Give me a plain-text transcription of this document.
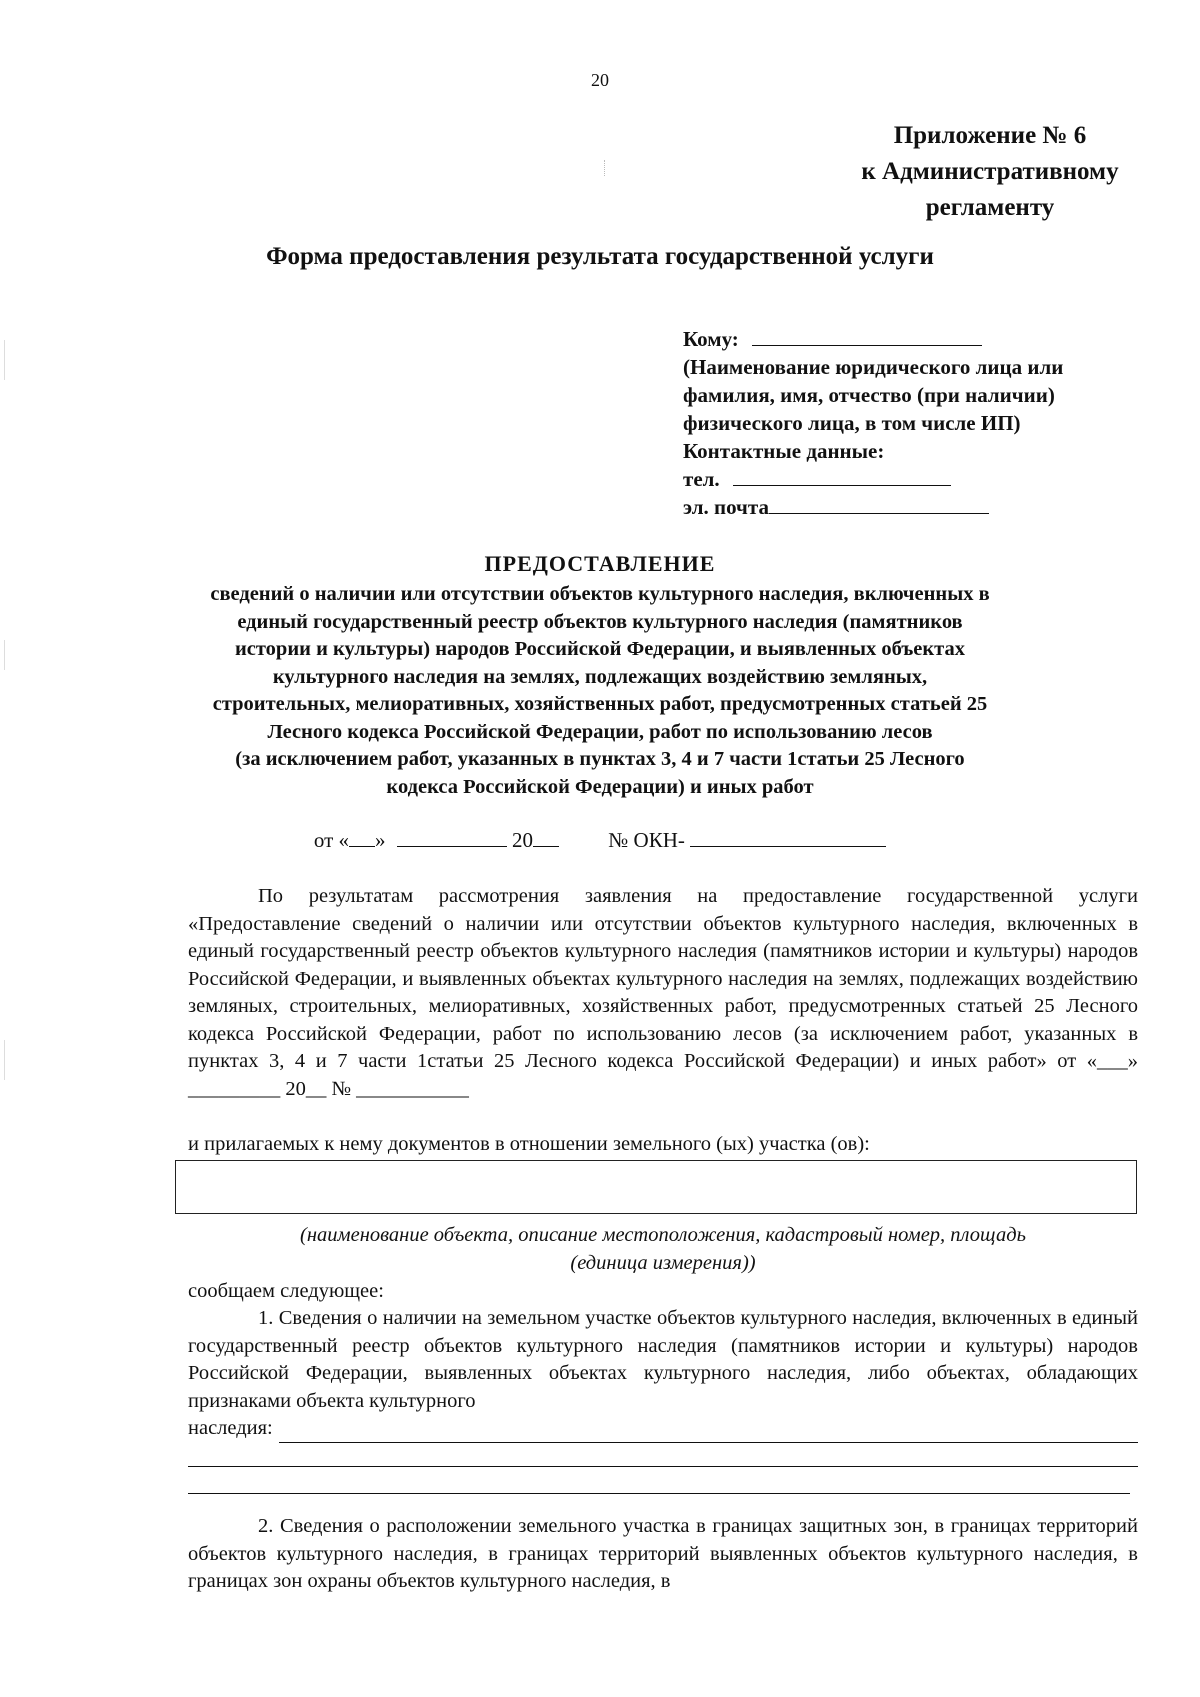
20
Приложение № 6
к Административному
регламенту
Форма предоставления результата государственной услуги
Кому:
(Наименование юридического лица или
фамилия, имя, отчество (при наличии)
физического лица, в том числе ИП)
Контактные данные:
тел.
эл. почта
ПРЕДОСТАВЛЕНИЕ
сведений о наличии или отсутствии объектов культурного наследия, включенных в
единый государственный реестр объектов культурного наследия (памятников
истории и культуры) народов Российской Федерации, и выявленных объектах
культурного наследия на землях, подлежащих воздействию земляных,
строительных, мелиоративных, хозяйственных работ, предусмотренных статьей 25
Лесного кодекса Российской Федерации, работ по использованию лесов
(за исключением работ, указанных в пунктах 3, 4 и 7 части 1статьи 25 Лесного
кодекса Российской Федерации) и иных работ
от « »	20	№ ОКН-
По результатам рассмотрения заявления на предоставление государственной услуги «Предоставление сведений о наличии или отсутствии объектов культурного наследия, включенных в единый государственный реестр объектов культурного наследия (памятников истории и культуры) народов Российской Федерации, и выявленных объектах культурного наследия на землях, подлежащих воздействию земляных, строительных, мелиоративных, хозяйственных работ, предусмотренных статьей 25 Лесного кодекса Российской Федерации, работ по использованию лесов (за исключением работ, указанных в пунктах 3, 4 и 7 части 1статьи 25 Лесного кодекса Российской Федерации) и иных работ» от «___» _________ 20__ № ___________
и прилагаемых к нему документов в отношении земельного (ых) участка (ов):
(наименование объекта, описание местоположения, кадастровый номер, площадь
(единица измерения))
сообщаем следующее:
1. Сведения о наличии на земельном участке объектов культурного наследия, включенных в единый государственный реестр объектов культурного наследия (памятников истории и культуры) народов Российской Федерации, выявленных объектах культурного наследия, либо объектах, обладающих признаками объекта культурного
наследия:
2. Сведения о расположении земельного участка в границах защитных зон, в границах территорий объектов культурного наследия, в границах территорий выявленных объектов культурного наследия, в границах зон охраны объектов культурного наследия, в
